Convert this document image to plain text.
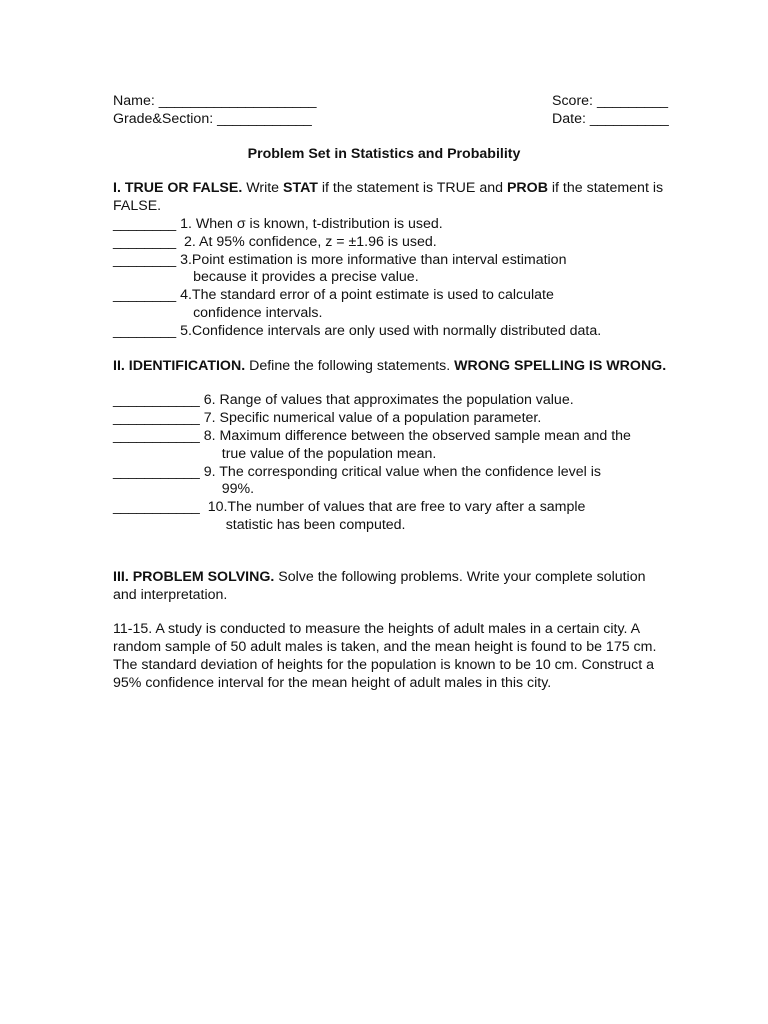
Name: ____________________	Score: _________
Grade&Section: ____________	Date: __________
Problem Set in Statistics and Probability
I. TRUE OR FALSE. Write STAT if the statement is TRUE and PROB if the statement is FALSE.
________ 1. When σ is known, t-distribution is used.
________ 2. At 95% confidence, z = ±1.96 is used.
________ 3.Point estimation is more informative than interval estimation
because it provides a precise value.
________ 4.The standard error of a point estimate is used to calculate
confidence intervals.
________ 5.Confidence intervals are only used with normally distributed data.
II. IDENTIFICATION. Define the following statements. WRONG SPELLING IS WRONG.
___________ 6. Range of values that approximates the population value.
___________ 7. Specific numerical value of a population parameter.
___________ 8. Maximum difference between the observed sample mean and the
true value of the population mean.
___________ 9. The corresponding critical value when the confidence level is
99%.
___________ 10.The number of values that are free to vary after a sample
statistic has been computed.
III. PROBLEM SOLVING. Solve the following problems. Write your complete solution and interpretation.
11-15. A study is conducted to measure the heights of adult males in a certain city. A random sample of 50 adult males is taken, and the mean height is found to be 175 cm. The standard deviation of heights for the population is known to be 10 cm. Construct a 95% confidence interval for the mean height of adult males in this city.
